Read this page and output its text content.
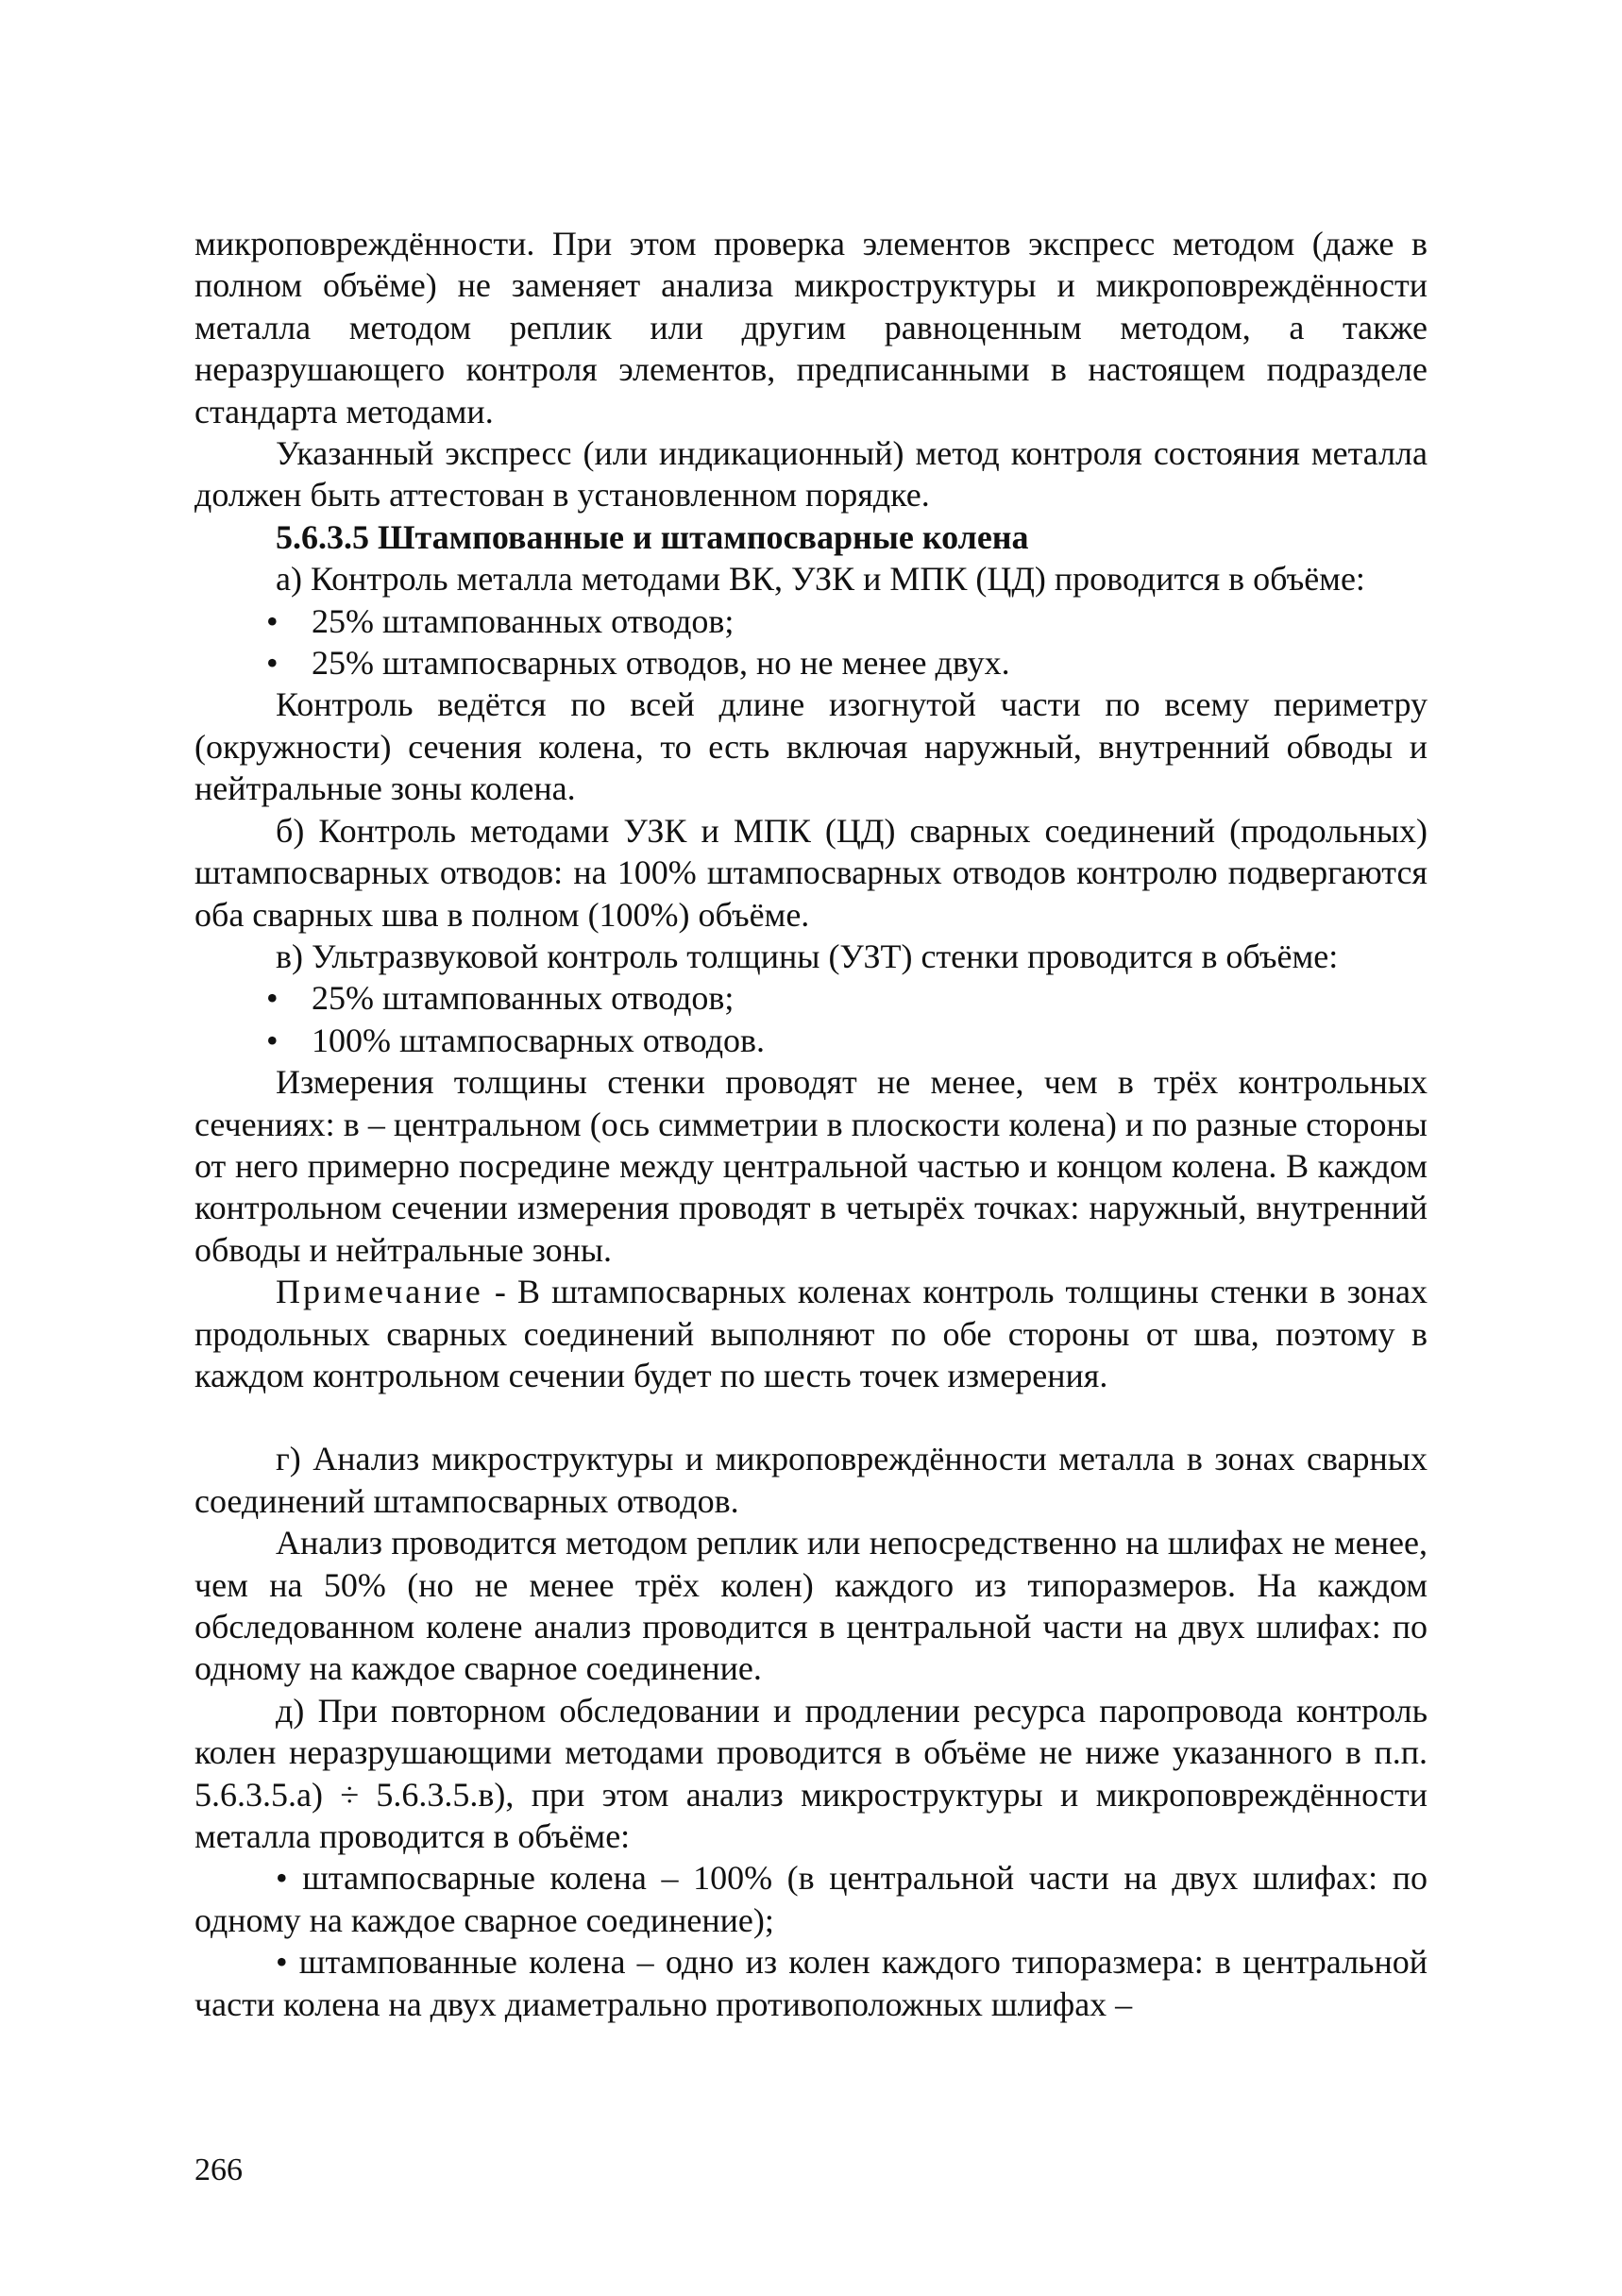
микроповреждённости. При этом проверка элементов экспресс методом (даже в полном объёме) не заменяет анализа микроструктуры и микроповреждённости металла методом реплик или другим равноценным методом, а также неразрушающего контроля элементов, предписанными в настоящем подразделе стандарта методами.

Указанный экспресс (или индикационный) метод контроля состояния металла должен быть аттестован в установленном порядке.

5.6.3.5 Штампованные и штампосварные колена

а) Контроль металла методами ВК, УЗК и МПК (ЦД) проводится в объёме:

• 25% штампованных отводов;
• 25% штампосварных отводов, но не менее двух.

Контроль ведётся по всей длине изогнутой части по всему периметру (окружности) сечения колена, то есть включая наружный, внутренний обводы и нейтральные зоны колена.

б) Контроль методами УЗК и МПК (ЦД) сварных соединений (продольных) штампосварных отводов: на 100% штампосварных отводов контролю подвергаются оба сварных шва в полном (100%) объёме.

в) Ультразвуковой контроль толщины (УЗТ) стенки проводится в объёме:

• 25% штампованных отводов;
• 100% штампосварных отводов.

Измерения толщины стенки проводят не менее, чем в трёх контрольных сечениях: в – центральном (ось симметрии в плоскости колена) и по разные стороны от него примерно посредине между центральной частью и концом колена. В каждом контрольном сечении измерения проводят в четырёх точках: наружный, внутренний обводы и нейтральные зоны.

Примечание - В штампосварных коленах контроль толщины стенки в зонах продольных сварных соединений выполняют по обе стороны от шва, поэтому в каждом контрольном сечении будет по шесть точек измерения.

г) Анализ микроструктуры и микроповреждённости металла в зонах сварных соединений штампосварных отводов.

Анализ проводится методом реплик или непосредственно на шлифах не менее, чем на 50% (но не менее трёх колен) каждого из типоразмеров. На каждом обследованном колене анализ проводится в центральной части на двух шлифах: по одному на каждое сварное соединение.

д) При повторном обследовании и продлении ресурса паропровода контроль колен неразрушающими методами проводится в объёме не ниже указанного в п.п. 5.6.3.5.а) ÷ 5.6.3.5.в), при этом анализ микроструктуры и микроповреждённости металла проводится в объёме:

• штампосварные колена – 100% (в центральной части на двух шлифах: по одному на каждое сварное соединение);

• штампованные колена – одно из колен каждого типоразмера: в центральной части колена на двух диаметрально противоположных шлифах –

266
